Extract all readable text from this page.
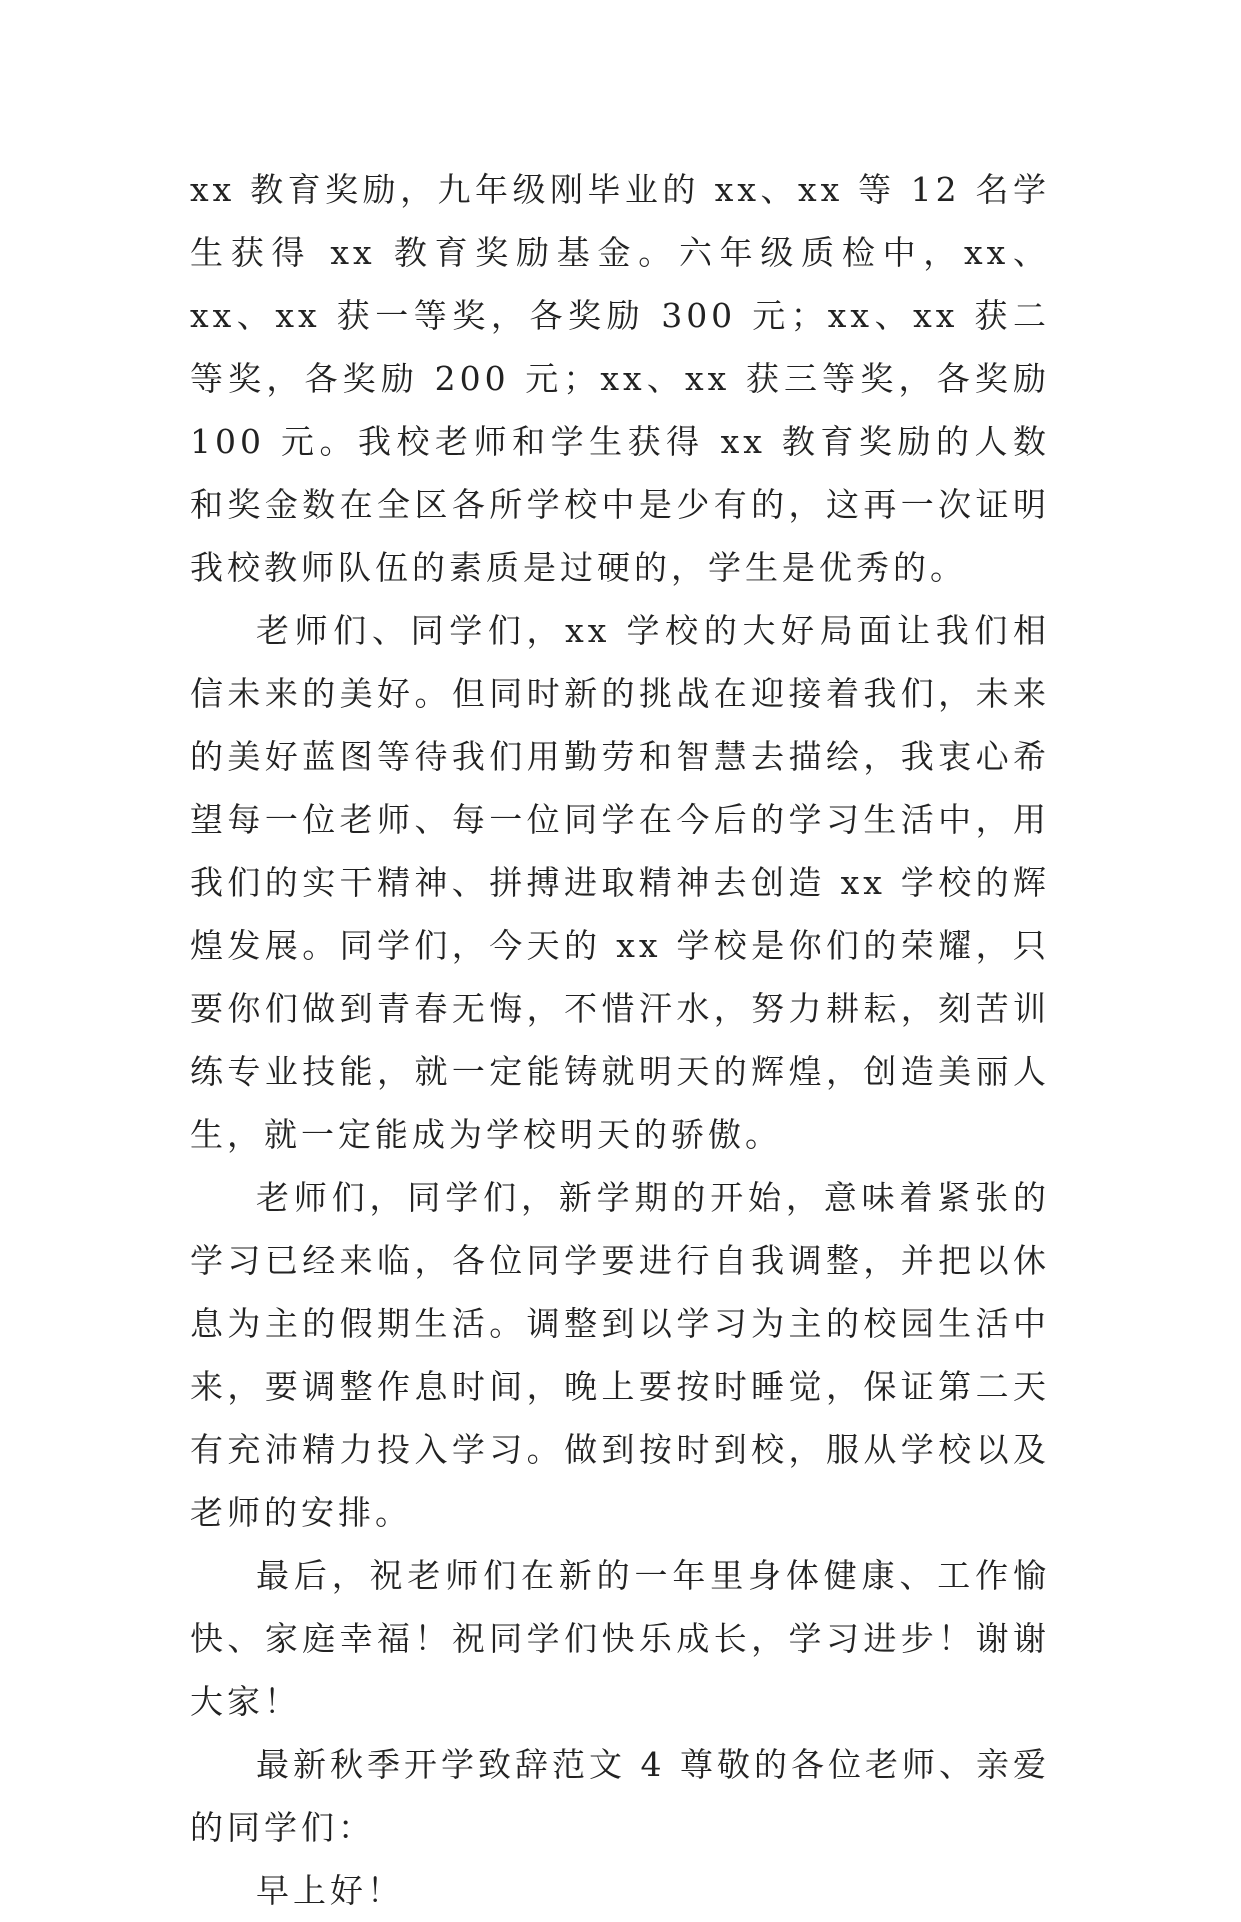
xx 教育奖励，九年级刚毕业的 xx、xx 等 12 名学生获得 xx 教育奖励基金。六年级质检中，xx、xx、xx 获一等奖，各奖励 300 元；xx、xx 获二等奖，各奖励 200 元；xx、xx 获三等奖，各奖励 100 元。我校老师和学生获得 xx 教育奖励的人数和奖金数在全区各所学校中是少有的，这再一次证明我校教师队伍的素质是过硬的，学生是优秀的。

老师们、同学们，xx 学校的大好局面让我们相信未来的美好。但同时新的挑战在迎接着我们，未来的美好蓝图等待我们用勤劳和智慧去描绘，我衷心希望每一位老师、每一位同学在今后的学习生活中，用我们的实干精神、拼搏进取精神去创造 xx 学校的辉煌发展。同学们，今天的 xx 学校是你们的荣耀，只要你们做到青春无悔，不惜汗水，努力耕耘，刻苦训练专业技能，就一定能铸就明天的辉煌，创造美丽人生，就一定能成为学校明天的骄傲。

老师们，同学们，新学期的开始，意味着紧张的学习已经来临，各位同学要进行自我调整，并把以休息为主的假期生活。调整到以学习为主的校园生活中来，要调整作息时间，晚上要按时睡觉，保证第二天有充沛精力投入学习。做到按时到校，服从学校以及老师的安排。

最后，祝老师们在新的一年里身体健康、工作愉快、家庭幸福！祝同学们快乐成长，学习进步！谢谢大家！

最新秋季开学致辞范文 4 尊敬的各位老师、亲爱的同学们：

早上好！
